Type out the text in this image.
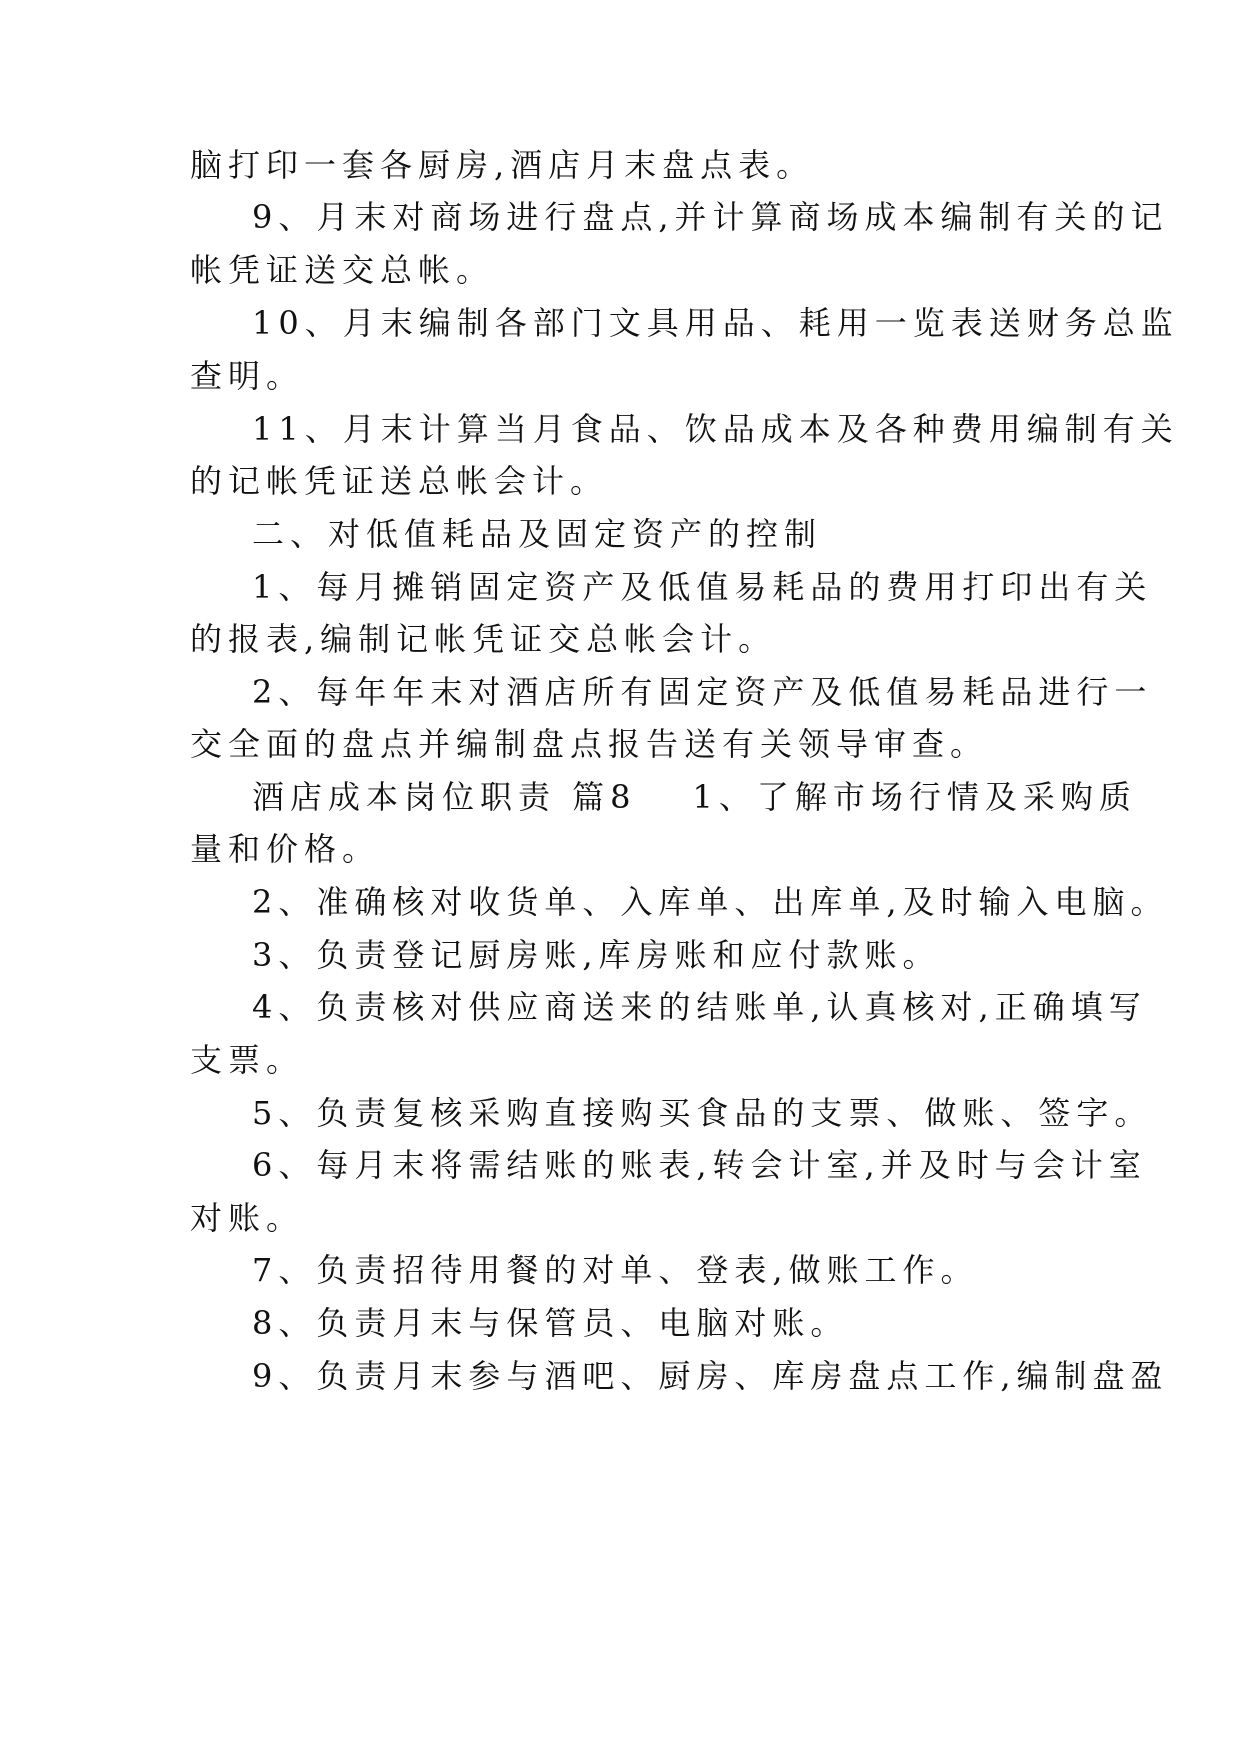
脑打印一套各厨房,酒店月末盘点表。
9、月末对商场进行盘点,并计算商场成本编制有关的记
帐凭证送交总帐。
10、月末编制各部门文具用品、耗用一览表送财务总监
查明。
11、月末计算当月食品、饮品成本及各种费用编制有关
的记帐凭证送总帐会计。
二、对低值耗品及固定资产的控制
1、每月摊销固定资产及低值易耗品的费用打印出有关
的报表,编制记帐凭证交总帐会计。
2、每年年末对酒店所有固定资产及低值易耗品进行一
交全面的盘点并编制盘点报告送有关领导审查。
酒店成本岗位职责 篇8 1、了解市场行情及采购质
量和价格。
2、准确核对收货单、入库单、出库单,及时输入电脑。
3、负责登记厨房账,库房账和应付款账。
4、负责核对供应商送来的结账单,认真核对,正确填写
支票。
5、负责复核采购直接购买食品的支票、做账、签字。
6、每月末将需结账的账表,转会计室,并及时与会计室
对账。
7、负责招待用餐的对单、登表,做账工作。
8、负责月末与保管员、电脑对账。
9、负责月末参与酒吧、厨房、库房盘点工作,编制盘盈
